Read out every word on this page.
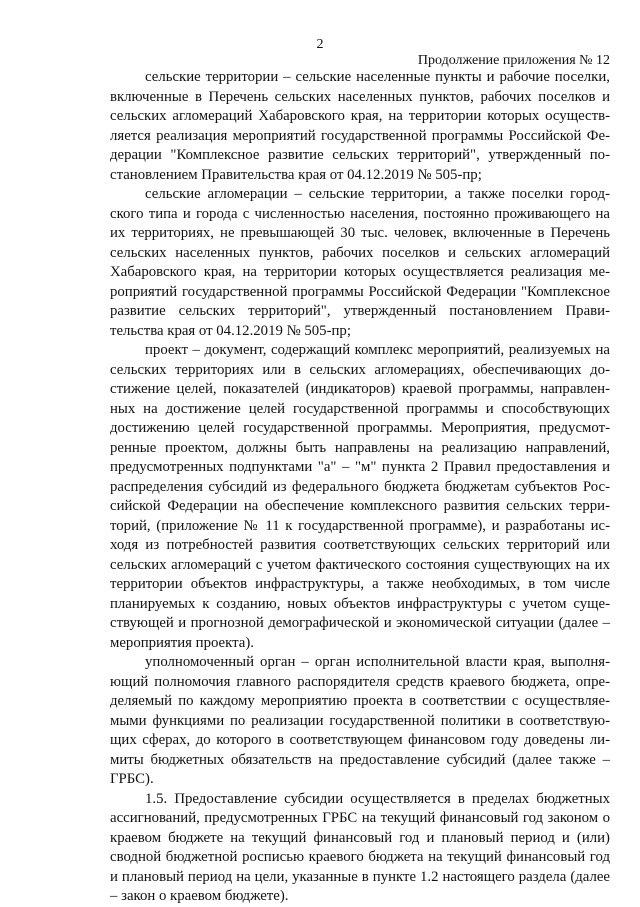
2
Продолжение приложения № 12

сельские территории – сельские населенные пункты и рабочие поселки, включенные в Перечень сельских населенных пунктов, рабочих поселков и сельских агломераций Хабаровского края, на территории которых осуществляется реализация мероприятий государственной программы Российской Федерации "Комплексное развитие сельских территорий", утвержденный постановлением Правительства края от 04.12.2019 № 505-пр;

сельские агломерации – сельские территории, а также поселки городского типа и города с численностью населения, постоянно проживающего на их территориях, не превышающей 30 тыс. человек, включенные в Перечень сельских населенных пунктов, рабочих поселков и сельских агломераций Хабаровского края, на территории которых осуществляется реализация мероприятий государственной программы Российской Федерации "Комплексное развитие сельских территорий", утвержденный постановлением Правительства края от 04.12.2019 № 505-пр;

проект – документ, содержащий комплекс мероприятий, реализуемых на сельских территориях или в сельских агломерациях, обеспечивающих достижение целей, показателей (индикаторов) краевой программы, направленных на достижение целей государственной программы и способствующих достижению целей государственной программы. Мероприятия, предусмотренные проектом, должны быть направлены на реализацию направлений, предусмотренных подпунктами "а" – "м" пункта 2 Правил предоставления и распределения субсидий из федерального бюджета бюджетам субъектов Российской Федерации на обеспечение комплексного развития сельских территорий, (приложение № 11 к государственной программе), и разработаны исходя из потребностей развития соответствующих сельских территорий или сельских агломераций с учетом фактического состояния существующих на их территории объектов инфраструктуры, а также необходимых, в том числе планируемых к созданию, новых объектов инфраструктуры с учетом существующей и прогнозной демографической и экономической ситуации (далее – мероприятия проекта).

уполномоченный орган – орган исполнительной власти края, выполняющий полномочия главного распорядителя средств краевого бюджета, определяемый по каждому мероприятию проекта в соответствии с осуществляемыми функциями по реализации государственной политики в соответствующих сферах, до которого в соответствующем финансовом году доведены лимиты бюджетных обязательств на предоставление субсидий (далее также – ГРБС).

1.5. Предоставление субсидии осуществляется в пределах бюджетных ассигнований, предусмотренных ГРБС на текущий финансовый год законом о краевом бюджете на текущий финансовый год и плановый период и (или) сводной бюджетной росписью краевого бюджета на текущий финансовый год и плановый период на цели, указанные в пункте 1.2 настоящего раздела (далее – закон о краевом бюджете).
